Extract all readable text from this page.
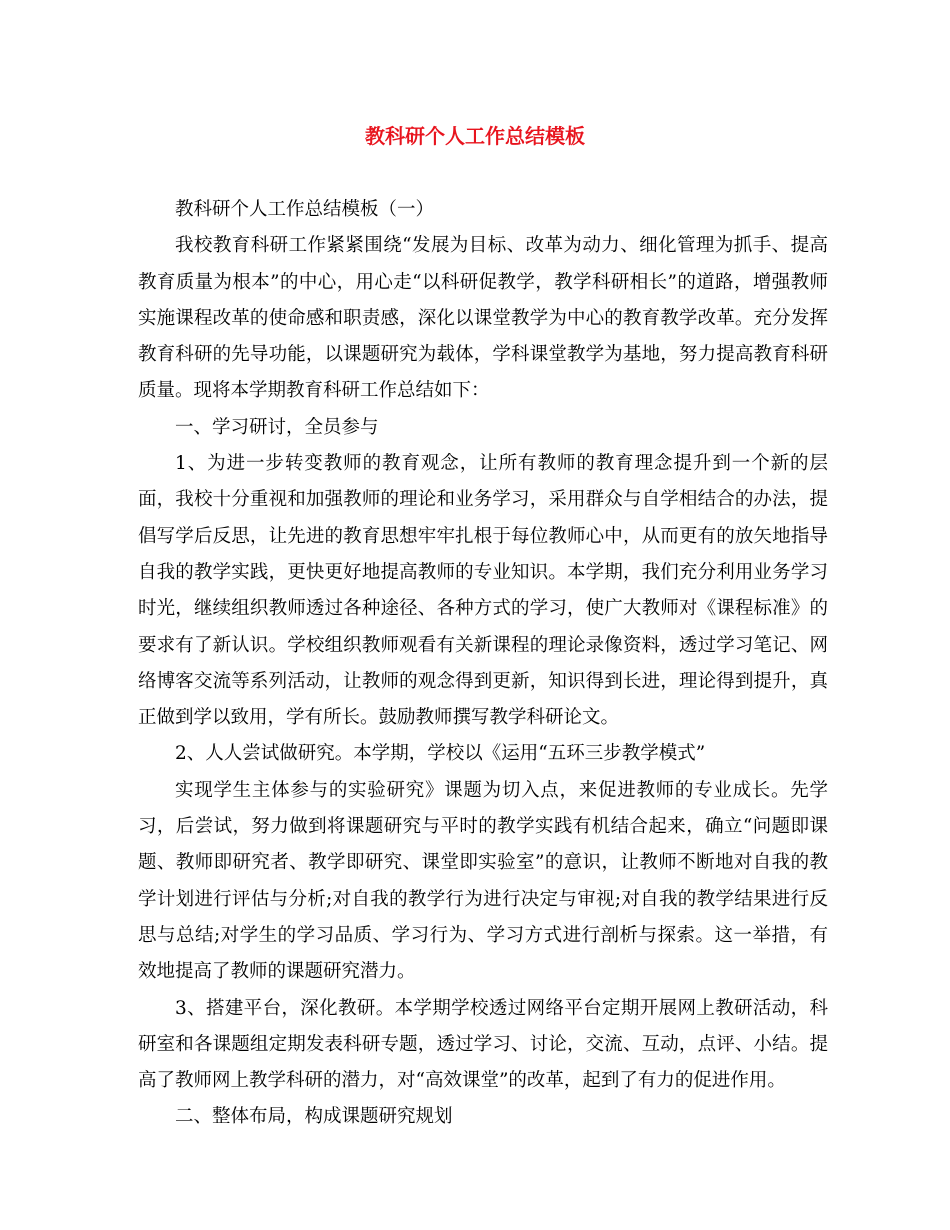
教科研个人工作总结模板

教科研个人工作总结模板（一）

我校教育科研工作紧紧围绕“发展为目标、改革为动力、细化管理为抓手、提高教育质量为根本”的中心，用心走“以科研促教学，教学科研相长”的道路，增强教师实施课程改革的使命感和职责感，深化以课堂教学为中心的教育教学改革。充分发挥教育科研的先导功能，以课题研究为载体，学科课堂教学为基地，努力提高教育科研质量。现将本学期教育科研工作总结如下：

一、学习研讨，全员参与

1、为进一步转变教师的教育观念，让所有教师的教育理念提升到一个新的层面，我校十分重视和加强教师的理论和业务学习，采用群众与自学相结合的办法，提倡写学后反思，让先进的教育思想牢牢扎根于每位教师心中，从而更有的放矢地指导自我的教学实践，更快更好地提高教师的专业知识。本学期，我们充分利用业务学习时光，继续组织教师透过各种途径、各种方式的学习，使广大教师对《课程标准》的要求有了新认识。学校组织教师观看有关新课程的理论录像资料，透过学习笔记、网络博客交流等系列活动，让教师的观念得到更新，知识得到长进，理论得到提升，真正做到学以致用，学有所长。鼓励教师撰写教学科研论文。

2、人人尝试做研究。本学期，学校以《运用“五环三步教学模式”

实现学生主体参与的实验研究》课题为切入点，来促进教师的专业成长。先学习，后尝试，努力做到将课题研究与平时的教学实践有机结合起来，确立“问题即课题、教师即研究者、教学即研究、课堂即实验室”的意识，让教师不断地对自我的教学计划进行评估与分析;对自我的教学行为进行决定与审视;对自我的教学结果进行反思与总结;对学生的学习品质、学习行为、学习方式进行剖析与探索。这一举措，有效地提高了教师的课题研究潜力。

3、搭建平台，深化教研。本学期学校透过网络平台定期开展网上教研活动，科研室和各课题组定期发表科研专题，透过学习、讨论，交流、互动，点评、小结。提高了教师网上教学科研的潜力，对“高效课堂”的改革，起到了有力的促进作用。

二、整体布局，构成课题研究规划
